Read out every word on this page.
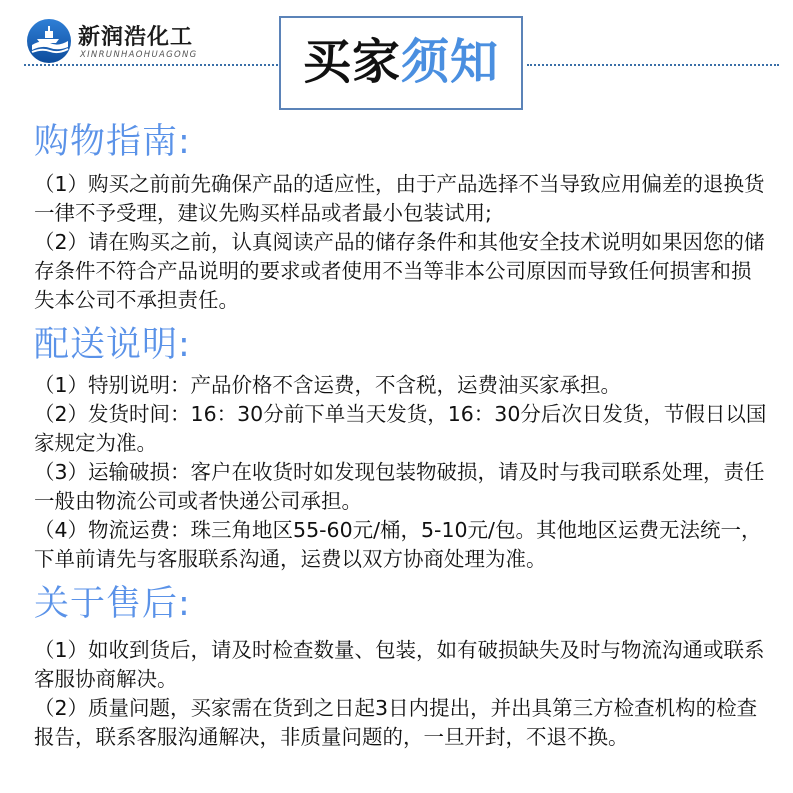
新润浩化工
XINRUNHAOHUAGONG	买家须知
购物指南:

（1）购买之前前先确保产品的适应性，由于产品选择不当导致应用偏差的退换货一律不予受理，建议先购买样品或者最小包装试用;

（2）请在购买之前，认真阅读产品的储存条件和其他安全技术说明如果因您的储存条件不符合产品说明的要求或者使用不当等非本公司原因而导致任何损害和损失本公司不承担责任。

配送说明:

（1）特别说明：产品价格不含运费，不含税，运费油买家承担。

（2）发货时间：16：30分前下单当天发货，16：30分后次日发货，节假日以国家规定为准。

（3）运输破损：客户在收货时如发现包装物破损，请及时与我司联系处理，责任一般由物流公司或者快递公司承担。

（4）物流运费：珠三角地区55-60元/桶，5-10元/包。其他地区运费无法统一，下单前请先与客服联系沟通，运费以双方协商处理为准。

关于售后:

（1）如收到货后，请及时检查数量、包装，如有破损缺失及时与物流沟通或联系客服协商解决。

（2）质量问题，买家需在货到之日起3日内提出，并出具第三方检查机构的检查报告，联系客服沟通解决，非质量问题的，一旦开封，不退不换。
